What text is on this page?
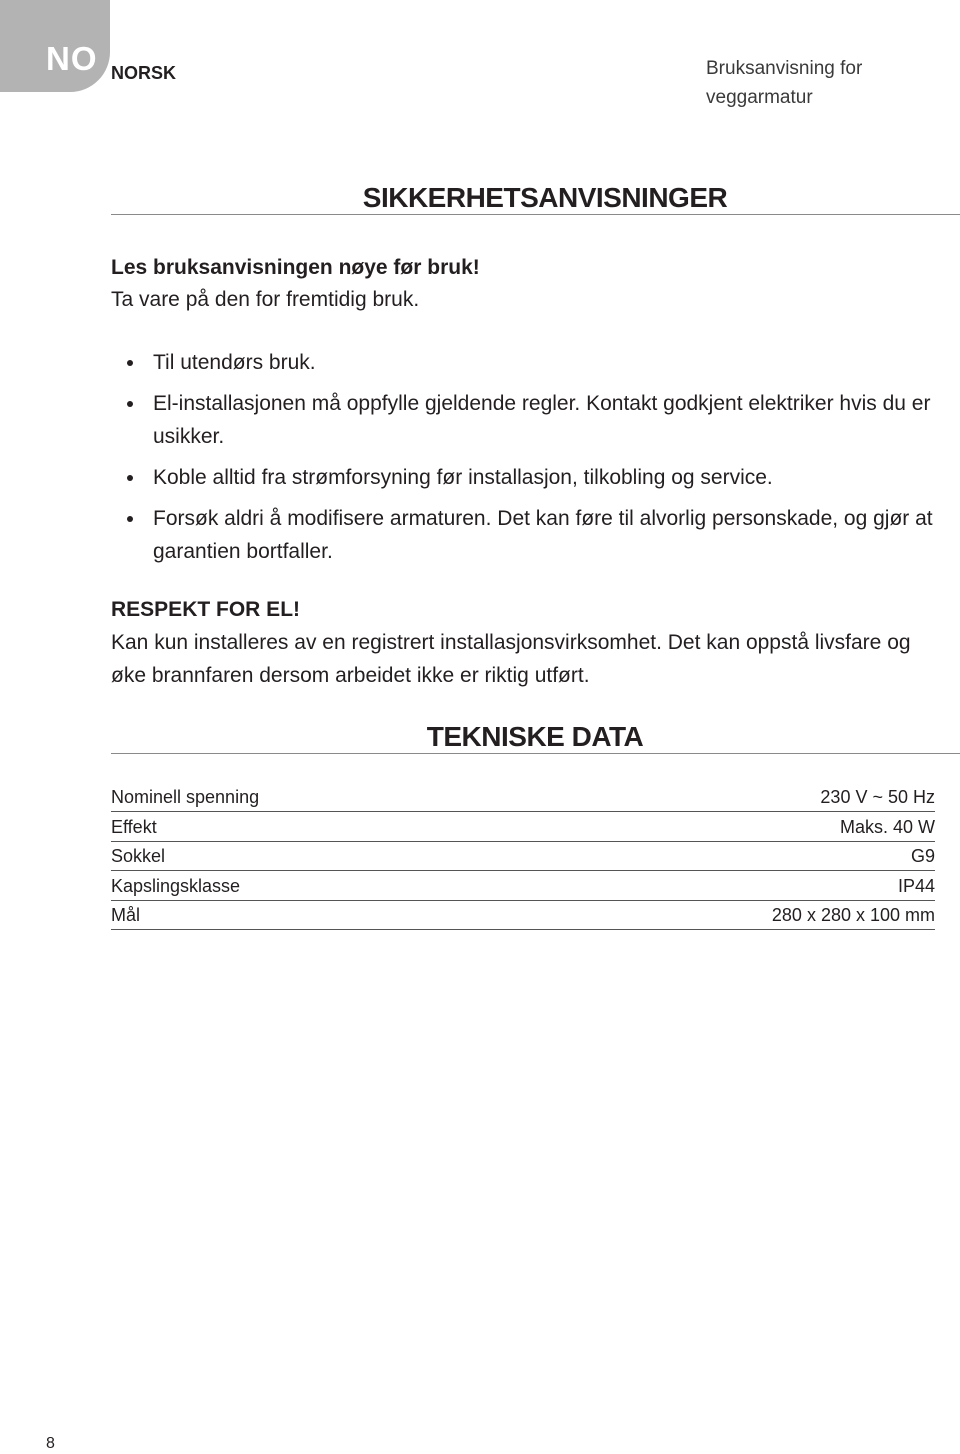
NO NORSK	Bruksanvisning for veggarmatur
SIKKERHETSANVISNINGER
Les bruksanvisningen nøye før bruk!
Ta vare på den for fremtidig bruk.
Til utendørs bruk.
El-installasjonen må oppfylle gjeldende regler. Kontakt godkjent elektriker hvis du er usikker.
Koble alltid fra strømforsyning før installasjon, tilkobling og service.
Forsøk aldri å modifisere armaturen. Det kan føre til alvorlig personskade, og gjør at garantien bortfaller.
RESPEKT FOR EL!
Kan kun installeres av en registrert installasjonsvirksomhet. Det kan oppstå livsfare og øke brannfaren dersom arbeidet ikke er riktig utført.
TEKNISKE DATA
Nominell spenning	230 V ~ 50 Hz
Effekt	Maks. 40 W
Sokkel	G9
Kapslingsklasse	IP44
Mål	280 x 280 x 100 mm
8
